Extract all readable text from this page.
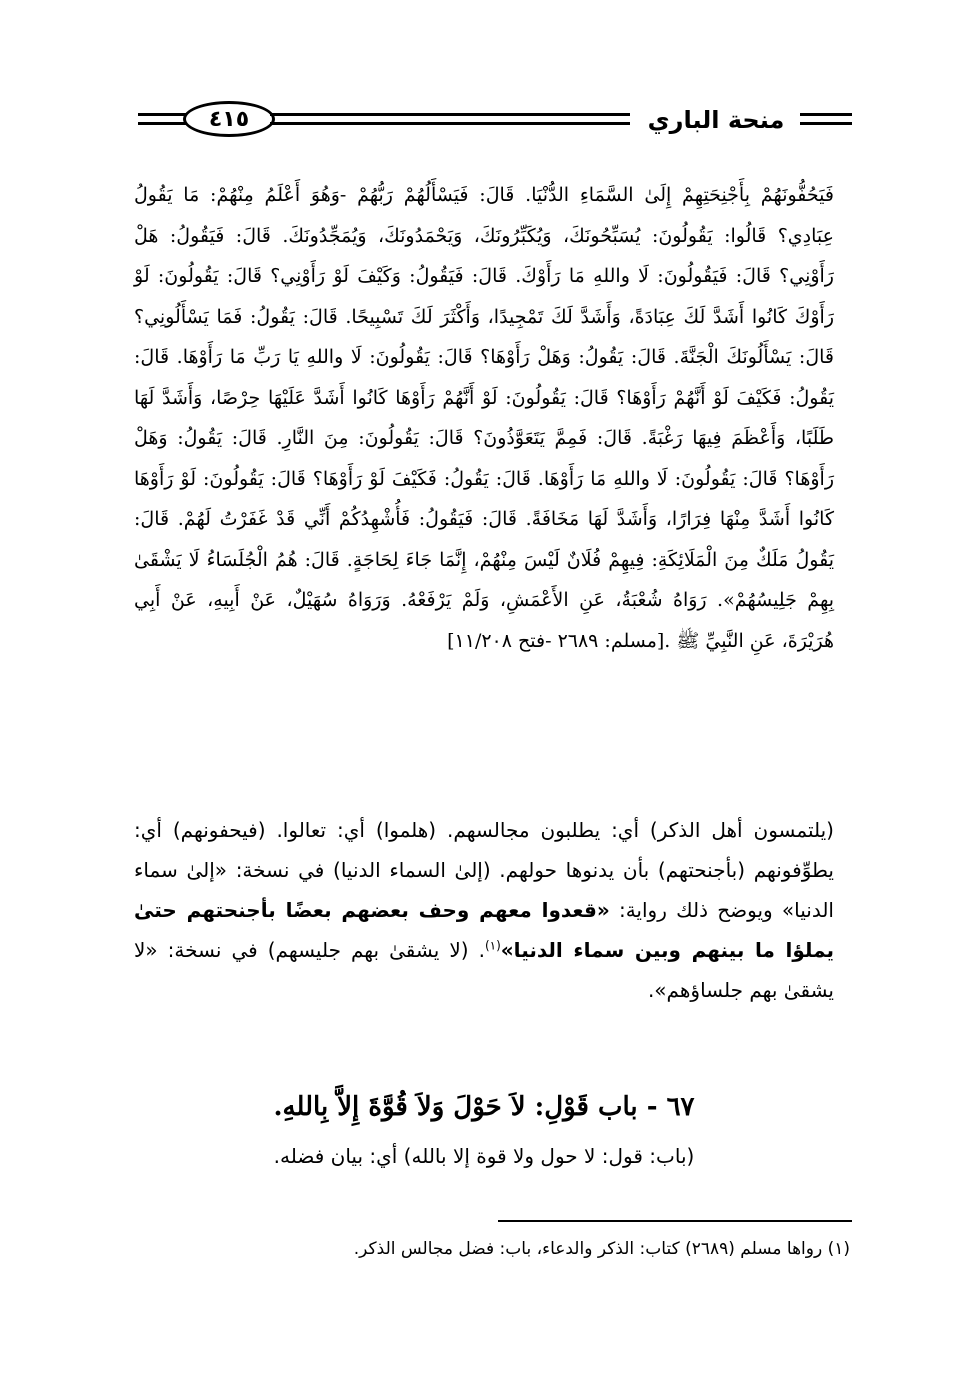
٤١٥	منحة الباري
فَيَحُفُّونَهُمْ بِأَجْنِحَتِهِمْ إِلَىٰ السَّمَاءِ الدُّنْيَا. قَالَ: فَيَسْأَلُهُمْ رَبُّهُمْ -وَهُوَ أَعْلَمُ مِنْهُمْ: مَا يَقُولُ عِبَادِي؟ قَالُوا: يَقُولُونَ: يُسَبِّحُونَكَ، وَيُكَبِّرُونَكَ، وَيَحْمَدُونَكَ، وَيُمَجِّدُونَكَ. قَالَ: فَيَقُولُ: هَلْ رَأَوْنِي؟ قَالَ: فَيَقُولُونَ: لَا واللهِ مَا رَأَوْكَ. قَالَ: فَيَقُولُ: وَكَيْفَ لَوْ رَأَوْنِي؟ قَالَ: يَقُولُونَ: لَوْ رَأَوْكَ كَانُوا أَشَدَّ لَكَ عِبَادَةً، وَأَشَدَّ لَكَ تَمْجِيدًا، وَأَكْثَرَ لَكَ تَسْبِيحًا. قَالَ: يَقُولُ: فَمَا يَسْأَلُونِي؟ قَالَ: يَسْأَلُونَكَ الْجَنَّةَ. قَالَ: يَقُولُ: وَهَلْ رَأَوْهَا؟ قَالَ: يَقُولُونَ: لَا واللهِ يَا رَبِّ مَا رَأَوْهَا. قَالَ: يَقُولُ: فَكَيْفَ لَوْ أَنَّهُمْ رَأَوْهَا؟ قَالَ: يَقُولُونَ: لَوْ أَنَّهُمْ رَأَوْهَا كَانُوا أَشَدَّ عَلَيْهَا حِرْصًا، وَأَشَدَّ لَهَا طَلَبًا، وَأَعْظَمَ فِيهَا رَغْبَةً. قَالَ: فَمِمَّ يَتَعَوَّذُونَ؟ قَالَ: يَقُولُونَ: مِنَ النَّارِ. قَالَ: يَقُولُ: وَهَلْ رَأَوْهَا؟ قَالَ: يَقُولُونَ: لَا واللهِ مَا رَأَوْهَا. قَالَ: يَقُولُ: فَكَيْفَ لَوْ رَأَوْهَا؟ قَالَ: يَقُولُونَ: لَوْ رَأَوْهَا كَانُوا أَشَدَّ مِنْهَا فِرَارًا، وَأَشَدَّ لَهَا مَخَافَةً. قَالَ: فَيَقُولُ: فَأُشْهِدُكُمْ أَنِّي قَدْ غَفَرْتُ لَهُمْ. قَالَ: يَقُولُ مَلَكٌ مِنَ الْمَلَائِكَةِ: فِيهِمْ فُلَانٌ لَيْسَ مِنْهُمْ، إِنَّمَا جَاءَ لِحَاجَةٍ. قَالَ: هُمُ الْجُلَسَاءُ لَا يَشْقَىٰ بِهِمْ جَلِيسُهُمْ». رَوَاهُ شُعْبَةُ، عَنِ الأَعْمَشِ، وَلَمْ يَرْفَعْهُ. وَرَوَاهُ سُهَيْلٌ، عَنْ أَبِيهِ، عَنْ أَبِي هُرَيْرَةَ، عَنِ النَّبِيِّ ﷺ .[مسلم: ٢٦٨٩ -فتح ١١/٢٠٨]
(يلتمسون أهل الذكر) أي: يطلبون مجالسهم. (هلموا) أي: تعالوا. (فيحفونهم) أي: يطوِّفونهم (بأجنحتهم) بأن يدنوها حولهم. (إلىٰ السماء الدنيا) في نسخة: «إلىٰ سماء الدنيا» ويوضح ذلك رواية: «قعدوا معهم وحف بعضهم بعضًا بأجنحتهم حتىٰ يملؤا ما بينهم وبين سماء الدنيا»$^{(١)}$. (لا يشقىٰ بهم جليسهم) في نسخة: «لا يشقىٰ بهم جلساؤهم».
٦٧ - باب قَوْلِ: لاَ حَوْلَ وَلاَ قُوَّةَ إِلاَّ بِاللهِ.
(باب: قول: لا حول ولا قوة إلا بالله) أي: بيان فضله.
(١) رواها مسلم (٢٦٨٩) كتاب: الذكر والدعاء، باب: فضل مجالس الذكر.
